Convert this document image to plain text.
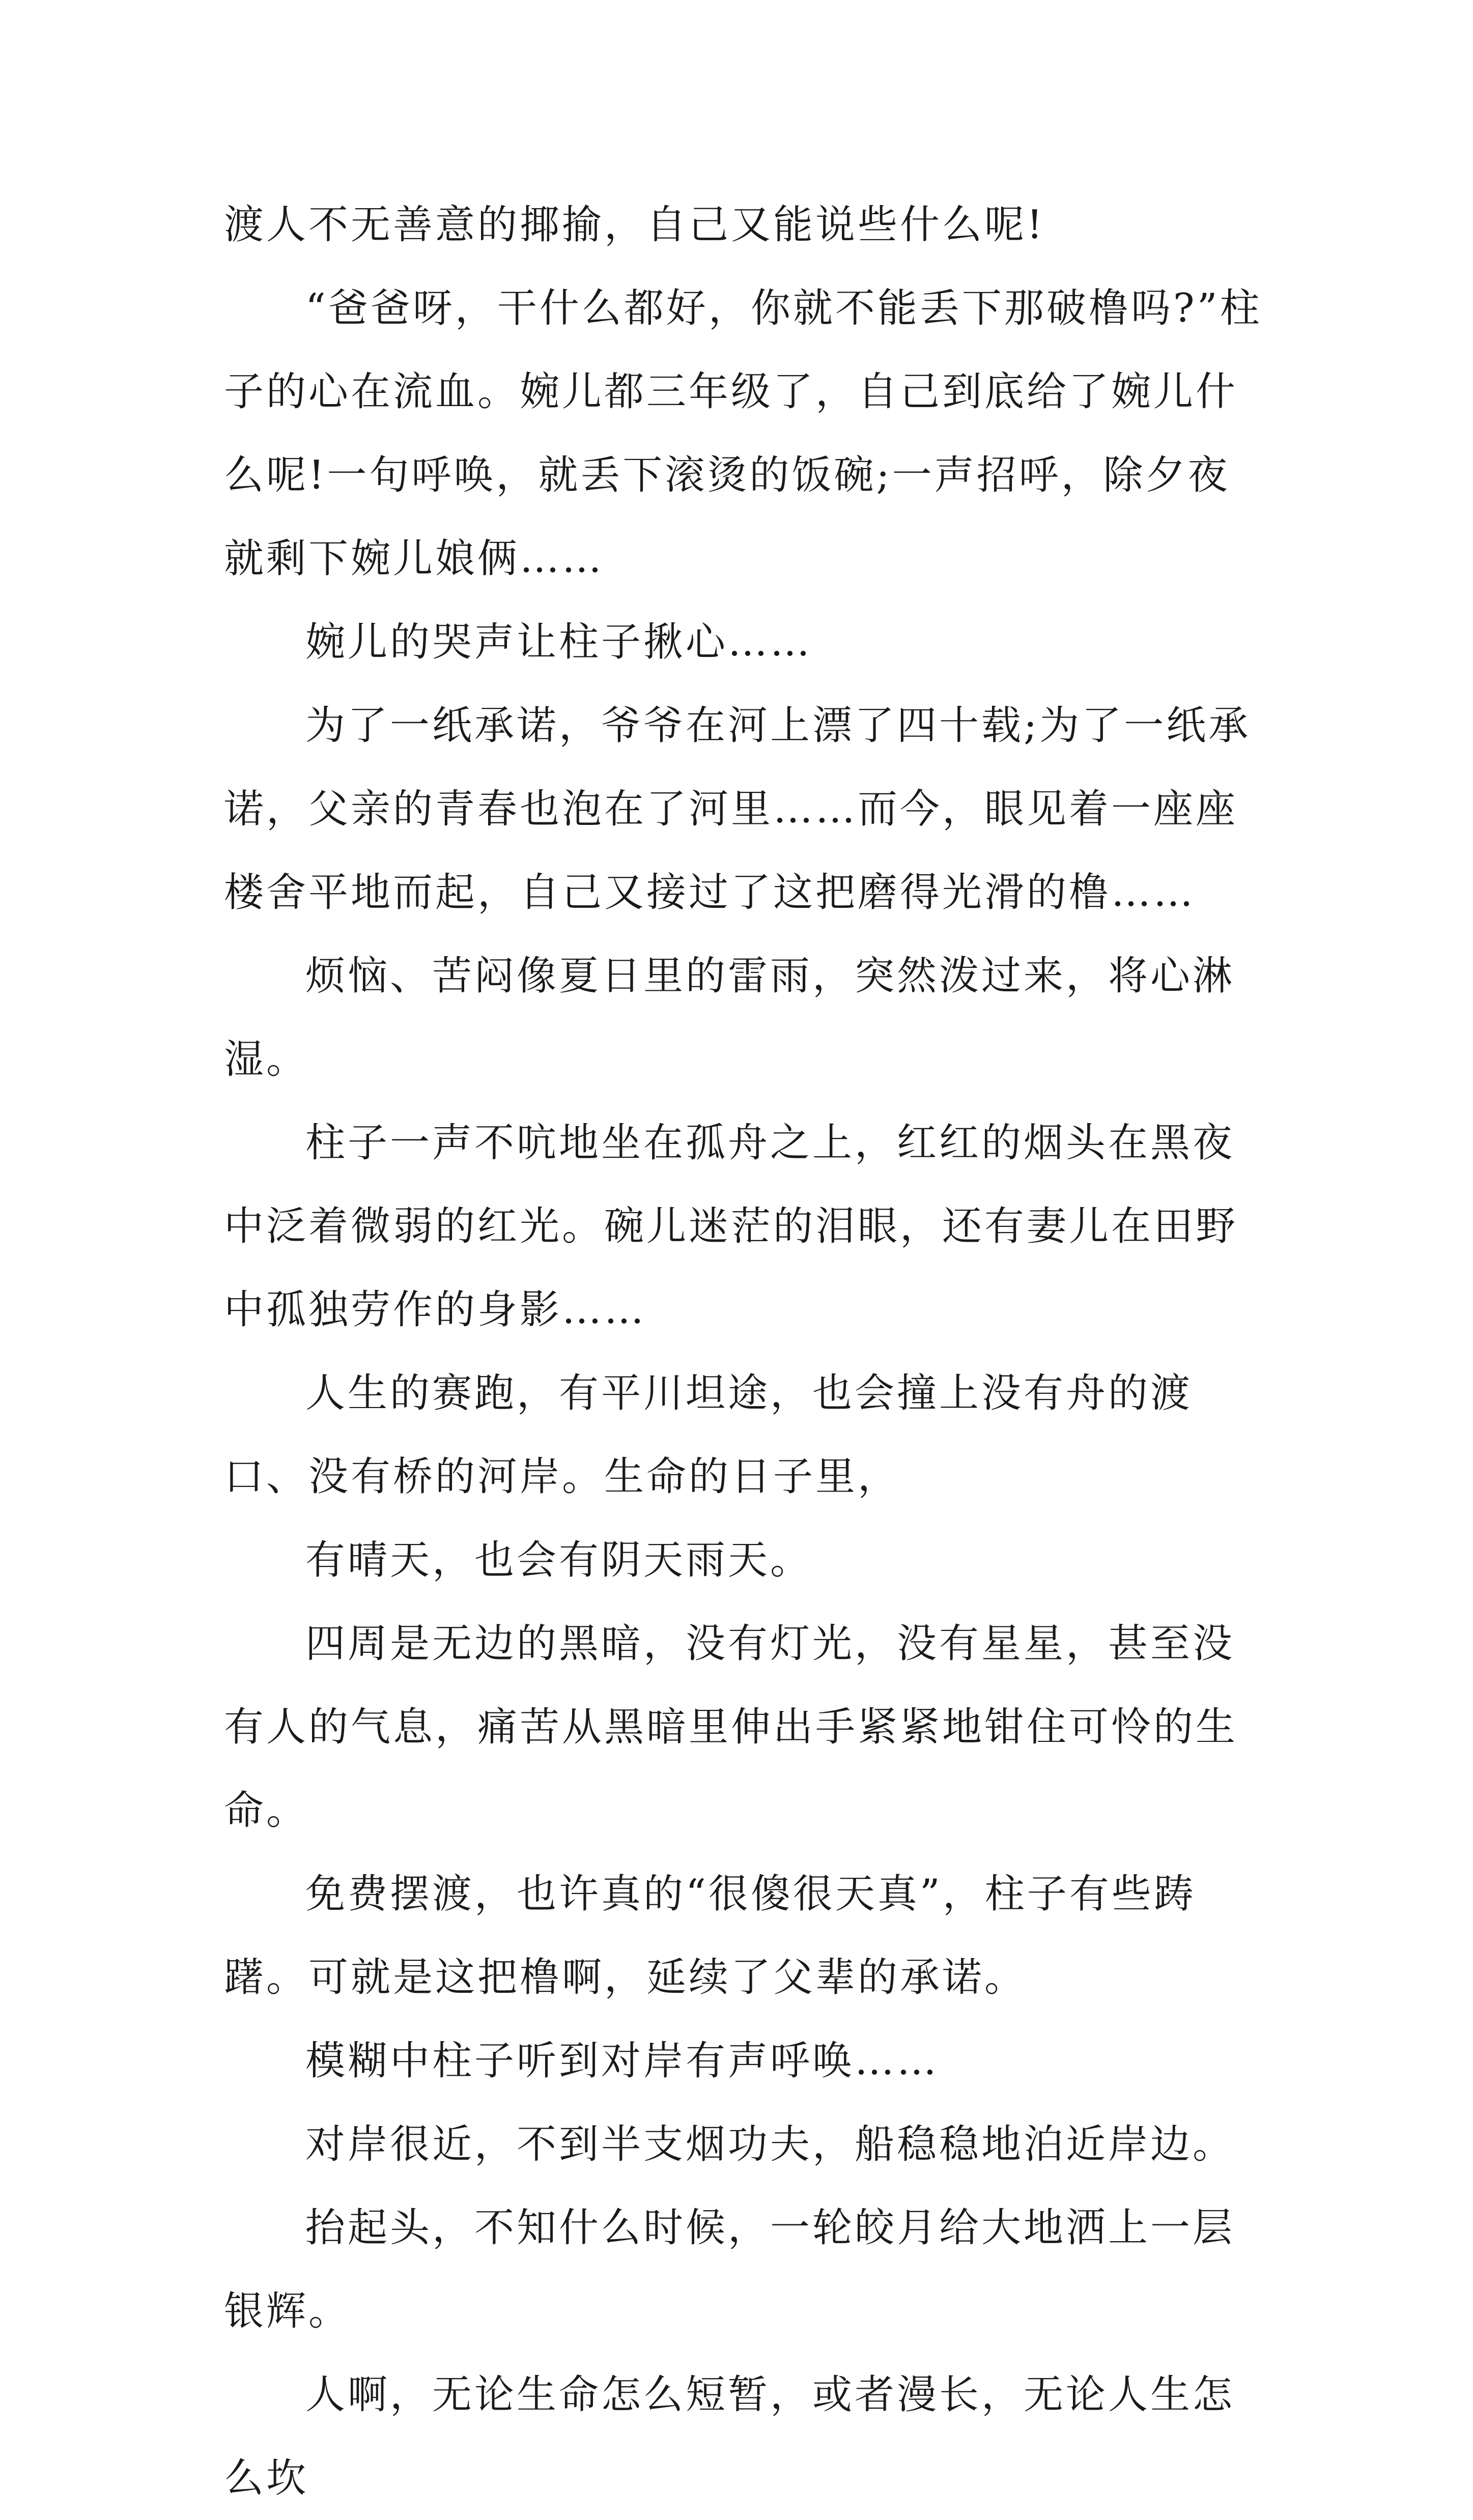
渡人不无善意的揶揄，自己又能说些什么呢!

“爸爸呀，干什么都好，你就不能丢下那破橹吗?”柱子的心在流血。婉儿都三年级了，自己到底给了婉儿什么呢!一句呼唤，就丢下滚烫的饭碗;一声招呼，除夕夜就剩下婉儿娘俩……

婉儿的哭声让柱子揪心……

为了一纸承诺，爷爷在河上漂了四十载;为了一纸承诺，父亲的青春也泡在了河里……而今，眼见着一座座楼舍平地而起，自己又接过了这把磨得光滑的橹……

烦恼、苦闷像夏日里的雷雨，突然泼过来，将心淋湿。

柱子一声不吭地坐在孤舟之上，红红的烟头在黑夜中泛着微弱的红光。碗儿迷茫的泪眼，还有妻儿在田野中孤独劳作的身影……

人生的赛跑，有平川坦途，也会撞上没有舟的渡口、没有桥的河岸。生命的日子里，

有晴天，也会有阴天雨天。

四周是无边的黑暗，没有灯光，没有星星，甚至没有人的气息，痛苦从黑暗里伸出手紧紧地钳住可怜的生命。

免费摆渡，也许真的“很傻很天真”，柱子有些踌躇。可就是这把橹啊，延续了父辈的承诺。

模糊中柱子听到对岸有声呼唤……

对岸很近，不到半支烟功夫，船稳稳地泊近岸边。

抬起头，不知什么时候，一轮皎月给大地洒上一层银辉。

人啊，无论生命怎么短暂，或者漫长，无论人生怎么坎
